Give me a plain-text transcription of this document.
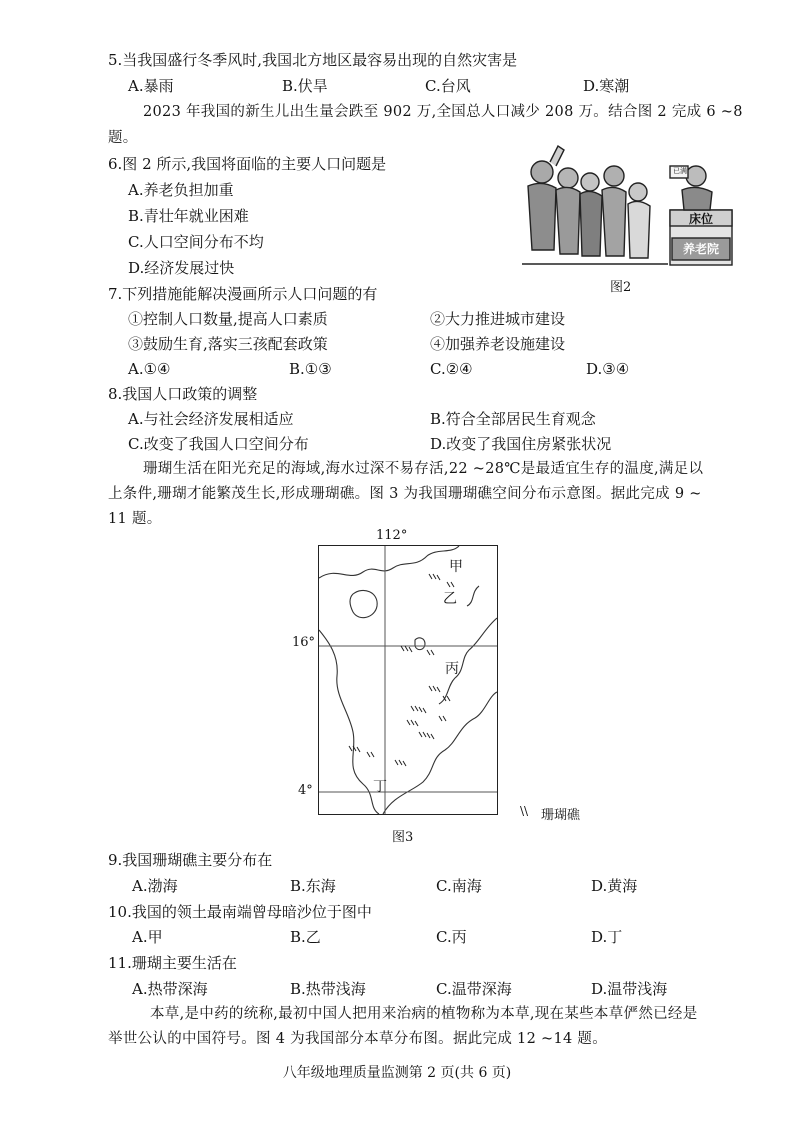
5.当我国盛行冬季风时,我国北方地区最容易出现的自然灾害是
A.暴雨	B.伏旱	C.台风	D.寒潮
2023 年我国的新生儿出生量会跌至 902 万,全国总人口减少 208 万。结合图 2 完成 6 ~8
题。
6.图 2 所示,我国将面临的主要人口问题是
A.养老负担加重
B.青壮年就业困难
C.人口空间分布不均
D.经济发展过快
已满
床位
养老院
图2
7.下列措施能解决漫画所示人口问题的有
①控制人口数量,提高人口素质	②大力推进城市建设
③鼓励生育,落实三孩配套政策	④加强养老设施建设
A.①④	B.①③	C.②④	D.③④
8.我国人口政策的调整
A.与社会经济发展相适应	B.符合全部居民生育观念
C.改变了我国人口空间分布	D.改变了我国住房紧张状况
珊瑚生活在阳光充足的海域,海水过深不易存活,22 ~28℃是最适宜生存的温度,满足以
上条件,珊瑚才能繁茂生长,形成珊瑚礁。图 3 为我国珊瑚礁空间分布示意图。据此完成 9 ~
11 题。
112°
16°
4°
甲
乙
丙
丁
\\ 珊瑚礁
图3
9.我国珊瑚礁主要分布在
A.渤海	B.东海	C.南海	D.黄海
10.我国的领土最南端曾母暗沙位于图中
A.甲	B.乙	C.丙	D.丁
11.珊瑚主要生活在
A.热带深海	B.热带浅海	C.温带深海	D.温带浅海
本草,是中药的统称,最初中国人把用来治病的植物称为本草,现在某些本草俨然已经是
举世公认的中国符号。图 4 为我国部分本草分布图。据此完成 12 ~14 题。
八年级地理质量监测第 2 页(共 6 页)
